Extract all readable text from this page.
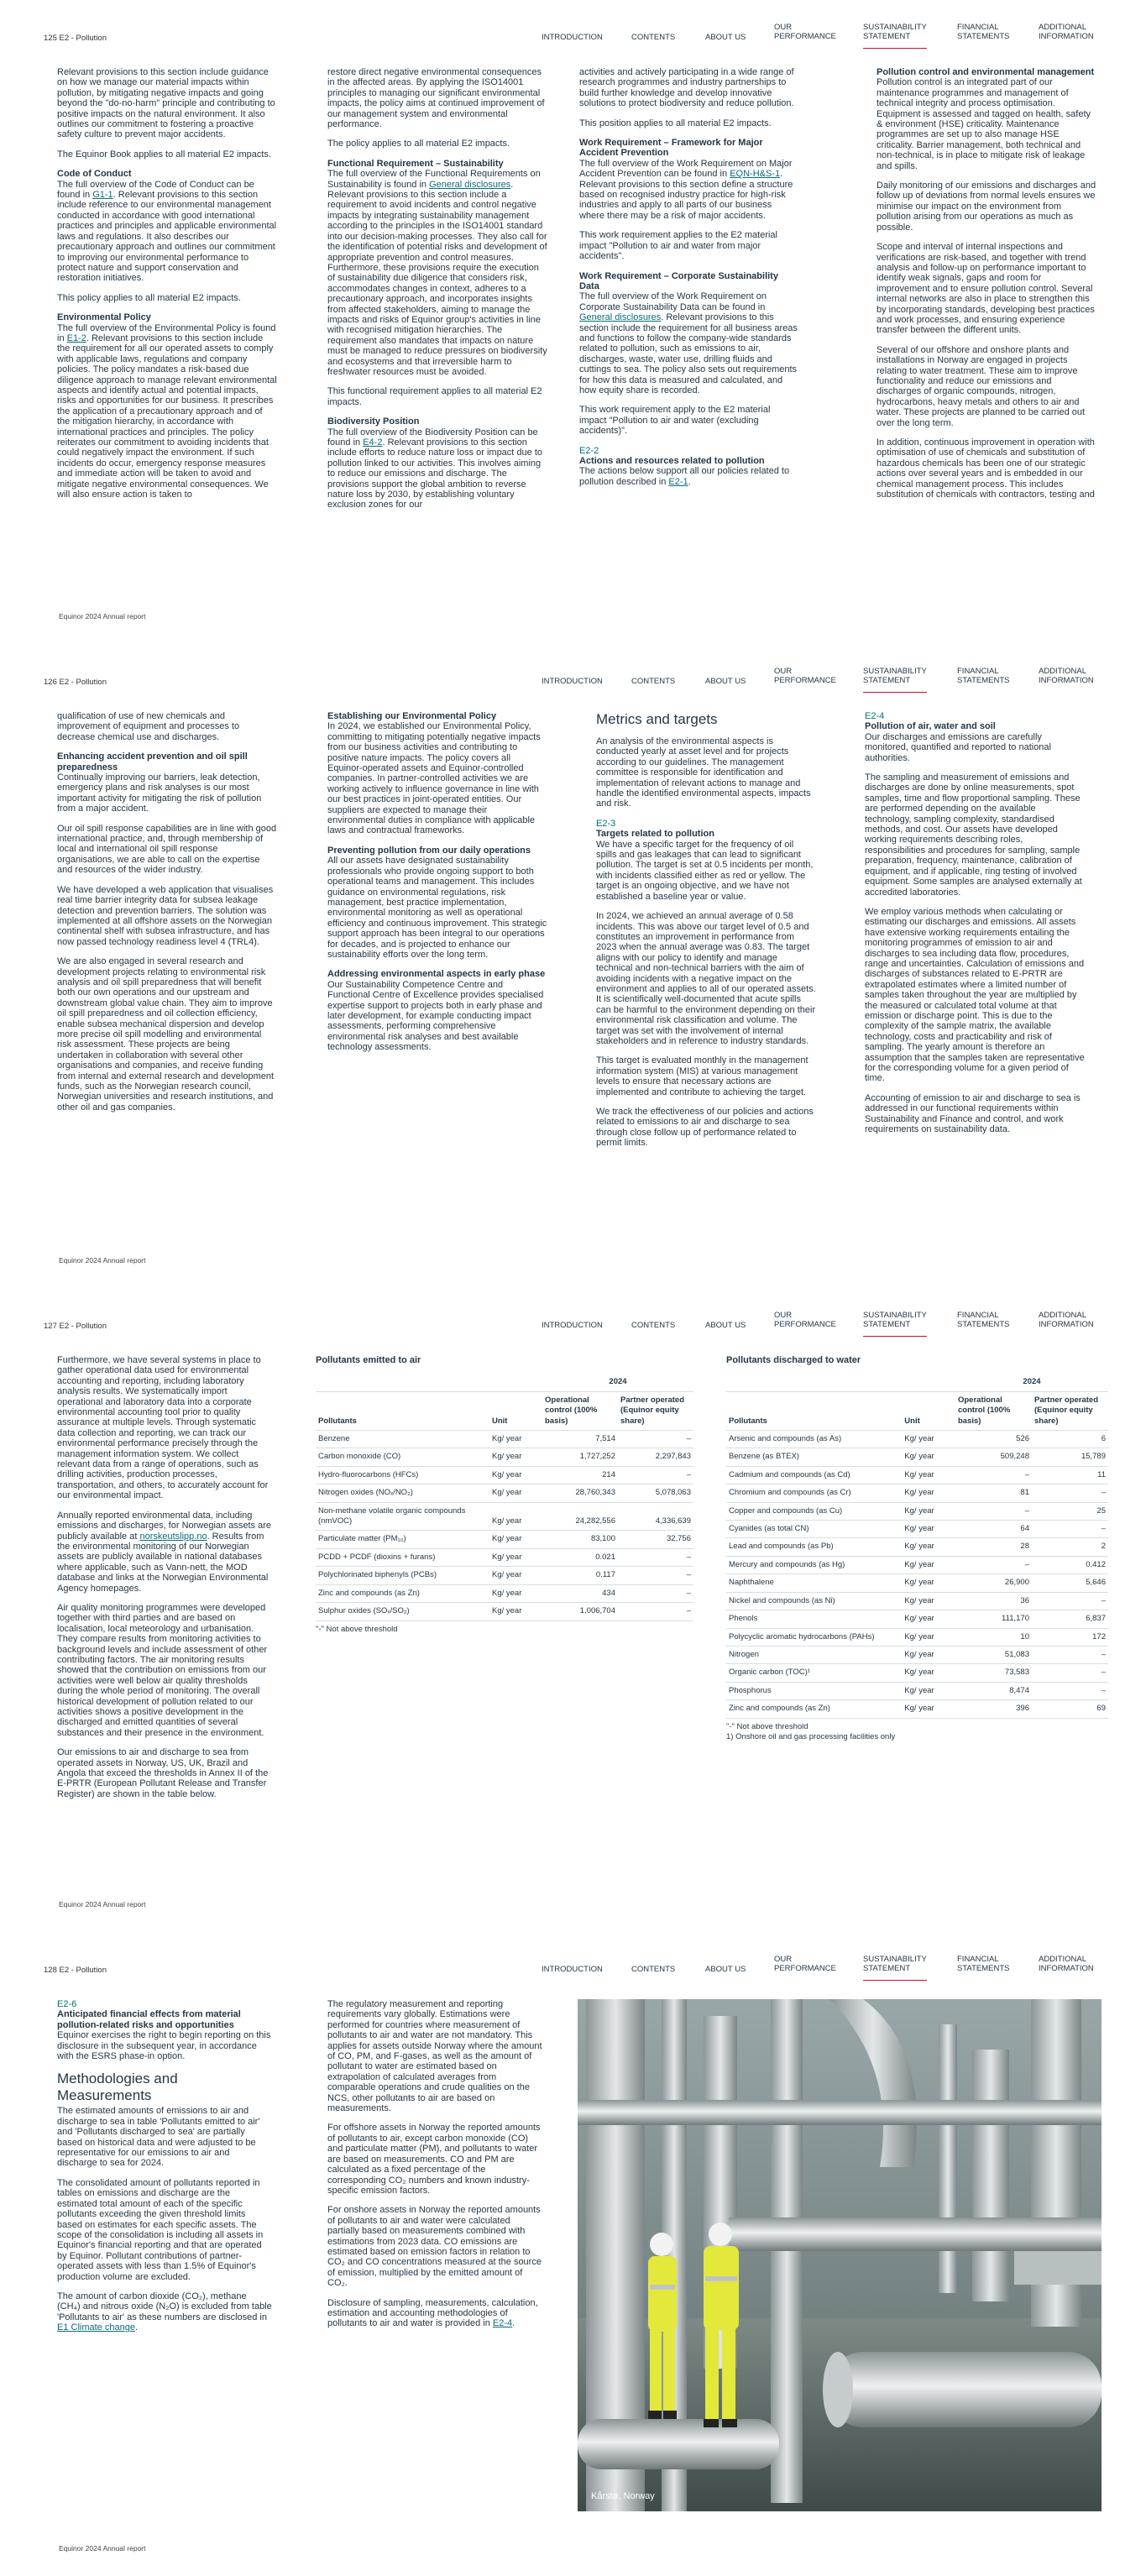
125 E2 - Pollution	INTRODUCTION	CONTENTS	ABOUT US
OUR
PERFORMANCE
SUSTAINABILITY
STATEMENT
FINANCIAL
STATEMENTS
ADDITIONAL
INFORMATION

Relevant provisions to this section include guidance on how we manage our material impacts within pollution, by mitigating negative impacts and going beyond the "do-no-harm" principle and contributing to positive impacts on the natural environment. It also outlines our commitment to fostering a proactive safety culture to prevent major accidents.

The Equinor Book applies to all material E2 impacts.

Code of Conduct

The full overview of the Code of Conduct can be found in G1-1. Relevant provisions to this section include reference to our environmental management conducted in accordance with good international practices and principles and applicable environmental laws and regulations. It also describes our precautionary approach and outlines our commitment to improving our environmental performance to protect nature and support conservation and restoration initiatives.

This policy applies to all material E2 impacts.

Environmental Policy

The full overview of the Environmental Policy is found in E1-2. Relevant provisions to this section include the requirement for all our operated assets to comply with applicable laws, regulations and company policies. The policy mandates a risk-based due diligence approach to manage relevant environmental aspects and identify actual and potential impacts, risks and opportunities for our business. It prescribes the application of a precautionary approach and of the mitigation hierarchy, in accordance with international practices and principles. The policy reiterates our commitment to avoiding incidents that could negatively impact the environment. If such incidents do occur, emergency response measures and immediate action will be taken to avoid and mitigate negative environmental consequences. We will also ensure action is taken to

restore direct negative environmental consequences in the affected areas. By applying the ISO14001 principles to managing our significant environmental impacts, the policy aims at continued improvement of our management system and environmental performance.

The policy applies to all material E2 impacts.

Functional Requirement – Sustainability

The full overview of the Functional Requirements on Sustainability is found in General disclosures. Relevant provisions to this section include a requirement to avoid incidents and control negative impacts by integrating sustainability management according to the principles in the ISO14001 standard into our decision-making processes. They also call for the identification of potential risks and development of appropriate prevention and control measures. Furthermore, these provisions require the execution of sustainability due diligence that considers risk, accommodates changes in context, adheres to a precautionary approach, and incorporates insights from affected stakeholders, aiming to manage the impacts and risks of Equinor group's activities in line with recognised mitigation hierarchies. The requirement also mandates that impacts on nature must be managed to reduce pressures on biodiversity and ecosystems and that irreversible harm to freshwater resources must be avoided.

This functional requirement applies to all material E2 impacts.

Biodiversity Position

The full overview of the Biodiversity Position can be found in E4-2. Relevant provisions to this section include efforts to reduce nature loss or impact due to pollution linked to our activities. This involves aiming to reduce our emissions and discharge. The provisions support the global ambition to reverse nature loss by 2030, by establishing voluntary exclusion zones for our

activities and actively participating in a wide range of research programmes and industry partnerships to build further knowledge and develop innovative solutions to protect biodiversity and reduce pollution.

This position applies to all material E2 impacts.

Work Requirement – Framework for Major Accident Prevention

The full overview of the Work Requirement on Major Accident Prevention can be found in EQN-H&S-1. Relevant provisions to this section define a structure based on recognised industry practice for high-risk industries and apply to all parts of our business where there may be a risk of major accidents.

This work requirement applies to the E2 material impact "Pollution to air and water from major accidents".

Work Requirement – Corporate Sustainability Data

The full overview of the Work Requirement on Corporate Sustainability Data can be found in General disclosures. Relevant provisions to this section include the requirement for all business areas and functions to follow the company-wide standards related to pollution, such as emissions to air, discharges, waste, water use, drilling fluids and cuttings to sea. The policy also sets out requirements for how this data is measured and calculated, and how equity share is recorded.

This work requirement apply to the E2 material impact "Pollution to air and water (excluding accidents)".

E2-2
Actions and resources related to pollution

The actions below support all our policies related to pollution described in E2-1.

Pollution control and environmental management

Pollution control is an integrated part of our maintenance programmes and management of technical integrity and process optimisation. Equipment is assessed and tagged on health, safety & environment (HSE) criticality. Maintenance programmes are set up to also manage HSE criticality. Barrier management, both technical and non-technical, is in place to mitigate risk of leakage and spills.

Daily monitoring of our emissions and discharges and follow up of deviations from normal levels ensures we minimise our impact on the environment from pollution arising from our operations as much as possible.

Scope and interval of internal inspections and verifications are risk-based, and together with trend analysis and follow-up on performance important to identify weak signals, gaps and room for improvement and to ensure pollution control. Several internal networks are also in place to strengthen this by incorporating standards, developing best practices and work processes, and ensuring experience transfer between the different units.

Several of our offshore and onshore plants and installations in Norway are engaged in projects relating to water treatment. These aim to improve functionality and reduce our emissions and discharges of organic compounds, nitrogen, hydrocarbons, heavy metals and others to air and water. These projects are planned to be carried out over the long term.

In addition, continuous improvement in operation with optimisation of use of chemicals and substitution of hazardous chemicals has been one of our strategic actions over several years and is embedded in our chemical management process. This includes substitution of chemicals with contractors, testing and

Equinor 2024 Annual report
126 E2 - Pollution	INTRODUCTION	CONTENTS	ABOUT US
OUR
PERFORMANCE
SUSTAINABILITY
STATEMENT
FINANCIAL
STATEMENTS
ADDITIONAL
INFORMATION

qualification of use of new chemicals and improvement of equipment and processes to decrease chemical use and discharges.

Enhancing accident prevention and oil spill preparedness

Continually improving our barriers, leak detection, emergency plans and risk analyses is our most important activity for mitigating the risk of pollution from a major accident.

Our oil spill response capabilities are in line with good international practice, and, through membership of local and international oil spill response organisations, we are able to call on the expertise and resources of the wider industry.

We have developed a web application that visualises real time barrier integrity data for subsea leakage detection and prevention barriers. The solution was implemented at all offshore assets on the Norwegian continental shelf with subsea infrastructure, and has now passed technology readiness level 4 (TRL4).

We are also engaged in several research and development projects relating to environmental risk analysis and oil spill preparedness that will benefit both our own operations and our upstream and downstream global value chain. They aim to improve oil spill preparedness and oil collection efficiency, enable subsea mechanical dispersion and develop more precise oil spill modelling and environmental risk assessment. These projects are being undertaken in collaboration with several other organisations and companies, and receive funding from internal and external research and development funds, such as the Norwegian research council, Norwegian universities and research institutions, and other oil and gas companies.

Establishing our Environmental Policy

In 2024, we established our Environmental Policy, committing to mitigating potentially negative impacts from our business activities and contributing to positive nature impacts. The policy covers all Equinor-operated assets and Equinor-controlled companies. In partner-controlled activities we are working actively to influence governance in line with our best practices in joint-operated entities. Our suppliers are expected to manage their environmental duties in compliance with applicable laws and contractual frameworks.

Preventing pollution from our daily operations

All our assets have designated sustainability professionals who provide ongoing support to both operational teams and management. This includes guidance on environmental regulations, risk management, best practice implementation, environmental monitoring as well as operational efficiency and continuous improvement. This strategic support approach has been integral to our operations for decades, and is projected to enhance our sustainability efforts over the long term.

Addressing environmental aspects in early phase

Our Sustainability Competence Centre and Functional Centre of Excellence provides specialised expertise support to projects both in early phase and later development, for example conducting impact assessments, performing comprehensive environmental risk analyses and best available technology assessments.

Metrics and targets

An analysis of the environmental aspects is conducted yearly at asset level and for projects according to our guidelines. The management committee is responsible for identification and implementation of relevant actions to manage and handle the identified environmental aspects, impacts and risk.

E2-3
Targets related to pollution

We have a specific target for the frequency of oil spills and gas leakages that can lead to significant pollution. The target is set at 0.5 incidents per month, with incidents classified either as red or yellow. The target is an ongoing objective, and we have not established a baseline year or value.

In 2024, we achieved an annual average of 0.58 incidents. This was above our target level of 0.5 and constitutes an improvement in performance from 2023 when the annual average was 0.83. The target aligns with our policy to identify and manage technical and non-technical barriers with the aim of avoiding incidents with a negative impact on the environment and applies to all of our operated assets. It is scientifically well-documented that acute spills can be harmful to the environment depending on their environmental risk classification and volume. The target was set with the involvement of internal stakeholders and in reference to industry standards.

This target is evaluated monthly in the management information system (MIS) at various management levels to ensure that necessary actions are implemented and contribute to achieving the target.

We track the effectiveness of our policies and actions related to emissions to air and discharge to sea through close follow up of performance related to permit limits.

E2-4
Pollution of air, water and soil

Our discharges and emissions are carefully monitored, quantified and reported to national authorities.

The sampling and measurement of emissions and discharges are done by online measurements, spot samples, time and flow proportional sampling. These are performed depending on the available technology, sampling complexity, standardised methods, and cost. Our assets have developed working requirements describing roles, responsibilities and procedures for sampling, sample preparation, frequency, maintenance, calibration of equipment, and if applicable, ring testing of involved equipment. Some samples are analysed externally at accredited laboratories.

We employ various methods when calculating or estimating our discharges and emissions. All assets have extensive working requirements entailing the monitoring programmes of emission to air and discharges to sea including data flow, procedures, range and uncertainties. Calculation of emissions and discharges of substances related to E-PRTR are extrapolated estimates where a limited number of samples taken throughout the year are multiplied by the measured or calculated total volume at that emission or discharge point. This is due to the complexity of the sample matrix, the available technology, costs and practicability and risk of sampling. The yearly amount is therefore an assumption that the samples taken are representative for the corresponding volume for a given period of time.

Accounting of emission to air and discharge to sea is addressed in our functional requirements within Sustainability and Finance and control, and work requirements on sustainability data.

Equinor 2024 Annual report
127 E2 - Pollution	INTRODUCTION	CONTENTS	ABOUT US
OUR
PERFORMANCE
SUSTAINABILITY
STATEMENT
FINANCIAL
STATEMENTS
ADDITIONAL
INFORMATION

Furthermore, we have several systems in place to gather operational data used for environmental accounting and reporting, including laboratory analysis results. We systematically import operational and laboratory data into a corporate environmental accounting tool prior to quality assurance at multiple levels. Through systematic data collection and reporting, we can track our environmental performance precisely through the management information system. We collect relevant data from a range of operations, such as drilling activities, production processes, transportation, and others, to accurately account for our environmental impact.

Annually reported environmental data, including emissions and discharges, for Norwegian assets are publicly available at norskeutslipp.no. Results from the environmental monitoring of our Norwegian assets are publicly available in national databases where applicable, such as Vann-nett, the MOD database and links at the Norwegian Environmental Agency homepages.

Air quality monitoring programmes were developed together with third parties and are based on localisation, local meteorology and urbanisation. They compare results from monitoring activities to background levels and include assessment of other contributing factors. The air monitoring results showed that the contribution on emissions from our activities were well below air quality thresholds during the whole period of monitoring. The overall historical development of pollution related to our activities shows a positive development in the discharged and emitted quantities of several substances and their presence in the environment.

Our emissions to air and discharge to sea from operated assets in Norway, US, UK, Brazil and Angola that exceed the thresholds in Annex II of the E-PRTR (European Pollutant Release and Transfer Register) are shown in the table below.

Pollutants emitted to air
		2024	
Pollutants	Unit	Operational control (100% basis)	Partner operated (Equinor equity share)
Benzene	Kg/ year	7,514	–
Carbon monoxide (CO)	Kg/ year	1,727,252	2,297,843
Hydro-fluorocarbons (HFCs)	Kg/ year	214	–
Nitrogen oxides (NOₓ/NO₂)	Kg/ year	28,760,343	5,078,063
Non-methane volatile organic compounds (nmVOC)	Kg/ year	24,282,556	4,336,639
Particulate matter (PM₁₀)	Kg/ year	83,100	32,756
PCDD + PCDF (dioxins + furans)	Kg/ year	0.021	–
Polychlorinated biphenyls (PCBs)	Kg/ year	0.117	–
Zinc and compounds (as Zn)	Kg/ year	434	–
Sulphur oxides (SOₓ/SO₂)	Kg/ year	1,006,704	–
"-" Not above threshold
Pollutants discharged to water
		2024	
Pollutants	Unit	Operational control (100% basis)	Partner operated (Equinor equity share)
Arsenic and compounds (as As)	Kg/ year	526	6
Benzene (as BTEX)	Kg/ year	509,248	15,789
Cadmium and compounds (as Cd)	Kg/ year	–	11
Chromium and compounds (as Cr)	Kg/ year	81	–
Copper and compounds (as Cu)	Kg/ year	–	25
Cyanides (as total CN)	Kg/ year	64	–
Lead and compounds (as Pb)	Kg/ year	28	2
Mercury and compounds (as Hg)	Kg/ year	–	0.412
Naphthalene	Kg/ year	26,900	5,646
Nickel and compounds (as Ni)	Kg/ year	36	–
Phenols	Kg/ year	111,170	6,837
Polycyclic aromatic hydrocarbons (PAHs)	Kg/ year	10	172
Nitrogen	Kg/ year	51,083	–
Organic carbon (TOC)¹	Kg/ year	73,583	–
Phosphorus	Kg/ year	8,474	–
Zinc and compounds (as Zn)	Kg/ year	396	69
"-" Not above threshold
1) Onshore oil and gas processing facilities only
Equinor 2024 Annual report
128 E2 - Pollution	INTRODUCTION	CONTENTS	ABOUT US
OUR
PERFORMANCE
SUSTAINABILITY
STATEMENT
FINANCIAL
STATEMENTS
ADDITIONAL
INFORMATION
E2-6
Anticipated financial effects from material pollution-related risks and opportunities

Equinor exercises the right to begin reporting on this disclosure in the subsequent year, in accordance with the ESRS phase-in option.

Methodologies and Measurements

The estimated amounts of emissions to air and discharge to sea in table 'Pollutants emitted to air' and 'Pollutants discharged to sea' are partially based on historical data and were adjusted to be representative for our emissions to air and discharge to sea for 2024.

The consolidated amount of pollutants reported in tables on emissions and discharge are the estimated total amount of each of the specific pollutants exceeding the given threshold limits based on estimates for each specific assets. The scope of the consolidation is including all assets in Equinor's financial reporting and that are operated by Equinor. Pollutant contributions of partner-operated assets with less than 1.5% of Equinor's production volume are excluded.

The amount of carbon dioxide (CO₂), methane (CH₄) and nitrous oxide (N₂O) is excluded from table 'Pollutants to air' as these numbers are disclosed in E1 Climate change.

The regulatory measurement and reporting requirements vary globally. Estimations were performed for countries where measurement of pollutants to air and water are not mandatory. This applies for assets outside Norway where the amount of CO, PM, and F-gases, as well as the amount of pollutant to water are estimated based on extrapolation of calculated averages from comparable operations and crude qualities on the NCS, other pollutants to air are based on measurements.

For offshore assets in Norway the reported amounts of pollutants to air, except carbon monoxide (CO) and particulate matter (PM), and pollutants to water are based on measurements. CO and PM are calculated as a fixed percentage of the corresponding CO₂ numbers and known industry-specific emission factors.

For onshore assets in Norway the reported amounts of pollutants to air and water were calculated partially based on measurements combined with estimations from 2023 data. CO emissions are estimated based on emission factors in relation to CO₂ and CO concentrations measured at the source of emission, multiplied by the emitted amount of CO₂.

Disclosure of sampling, measurements, calculation, estimation and accounting methodologies of pollutants to air and water is provided in E2-4.

Kårstø, Norway
Equinor 2024 Annual report
